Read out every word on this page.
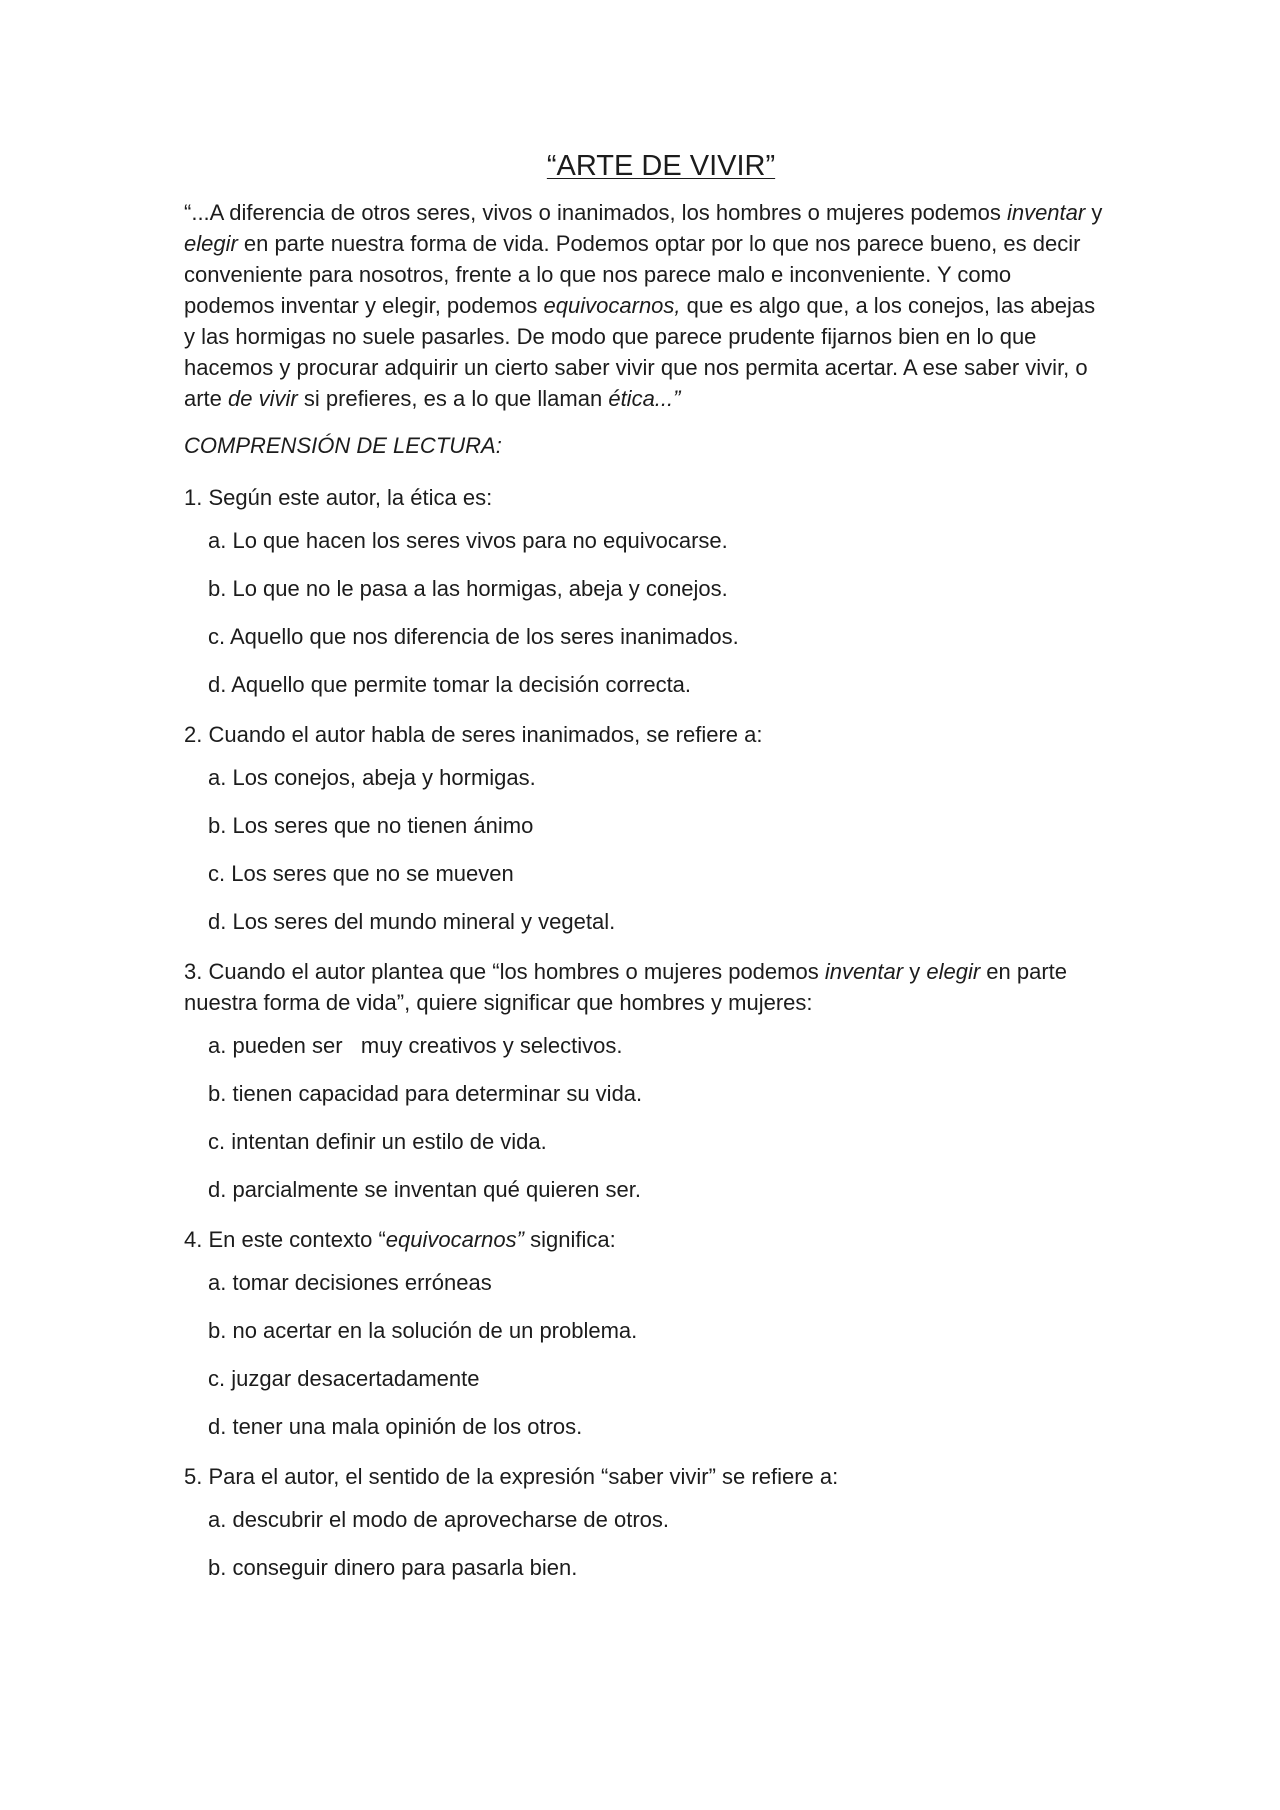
“ARTE DE VIVIR”

“...A diferencia de otros seres, vivos o inanimados, los hombres o mujeres podemos inventar y elegir en parte nuestra forma de vida. Podemos optar por lo que nos parece bueno, es decir conveniente para nosotros, frente a lo que nos parece malo e inconveniente. Y como podemos inventar y elegir, podemos equivocarnos, que es algo que, a los conejos, las abejas y las hormigas no suele pasarles. De modo que parece prudente fijarnos bien en lo que hacemos y procurar adquirir un cierto saber vivir que nos permita acertar. A ese saber vivir, o arte de vivir si prefieres, es a lo que llaman ética...”

COMPRENSIÓN DE LECTURA:

1. Según este autor, la ética es:

a. Lo que hacen los seres vivos para no equivocarse.
b. Lo que no le pasa a las hormigas, abeja y conejos.
c. Aquello que nos diferencia de los seres inanimados.
d. Aquello que permite tomar la decisión correcta.

2. Cuando el autor habla de seres inanimados, se refiere a:

a. Los conejos, abeja y hormigas.
b. Los seres que no tienen ánimo
c. Los seres que no se mueven
d. Los seres del mundo mineral y vegetal.

3. Cuando el autor plantea que “los hombres o mujeres podemos inventar y elegir en parte nuestra forma de vida”, quiere significar que hombres y mujeres:

a. pueden ser   muy creativos y selectivos.
b. tienen capacidad para determinar su vida.
c. intentan definir un estilo de vida.
d. parcialmente se inventan qué quieren ser.

4. En este contexto “equivocarnos” significa:

a. tomar decisiones erróneas
b. no acertar en la solución de un problema.
c. juzgar desacertadamente
d. tener una mala opinión de los otros.

5. Para el autor, el sentido de la expresión “saber vivir” se refiere a:

a. descubrir el modo de aprovecharse de otros.
b. conseguir dinero para pasarla bien.
